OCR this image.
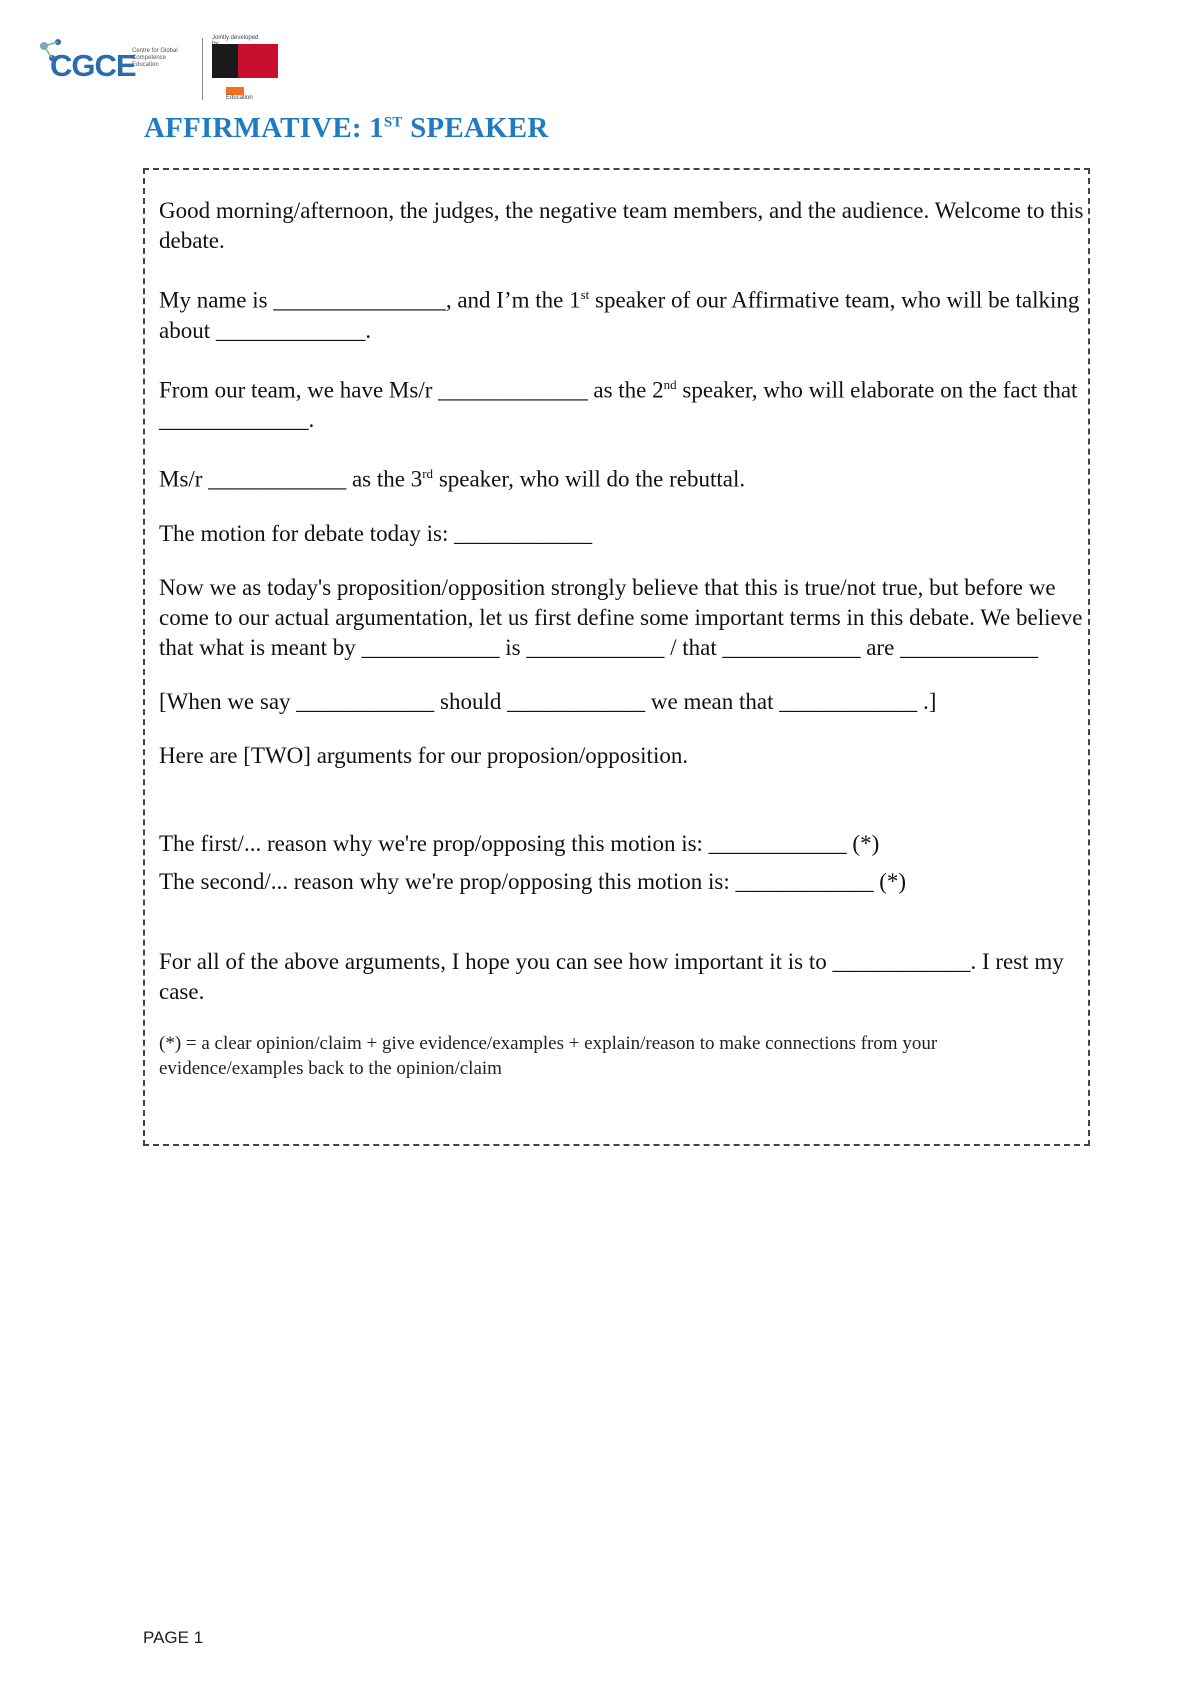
CGCE
Centre for Global Competence Education
Jointly developed
Education
AFFIRMATIVE: 1ST SPEAKER

Good morning/afternoon, the judges, the negative team members, and the audience. Welcome to this debate.

My name is _______________, and I’m the 1st speaker of our Affirmative team, who will be talking about _____________.

From our team, we have Ms/r _____________ as the 2nd speaker, who will elaborate on the fact that _____________.

Ms/r ____________ as the 3rd speaker, who will do the rebuttal.

The motion for debate today is: ____________

Now we as today's proposition/opposition strongly believe that this is true/not true, but before we come to our actual argumentation, let us first define some important terms in this debate. We believe that what is meant by ____________ is ____________ / that ____________ are ____________

[When we say ____________ should ____________ we mean that ____________ .]

Here are [TWO] arguments for our proposion/opposition.

The first/... reason why we're prop/opposing this motion is: ____________ (*)

The second/... reason why we're prop/opposing this motion is: ____________ (*)

For all of the above arguments, I hope you can see how important it is to ____________. I rest my case.

(*) = a clear opinion/claim + give evidence/examples + explain/reason to make connections from your evidence/examples back to the opinion/claim

PAGE 1
